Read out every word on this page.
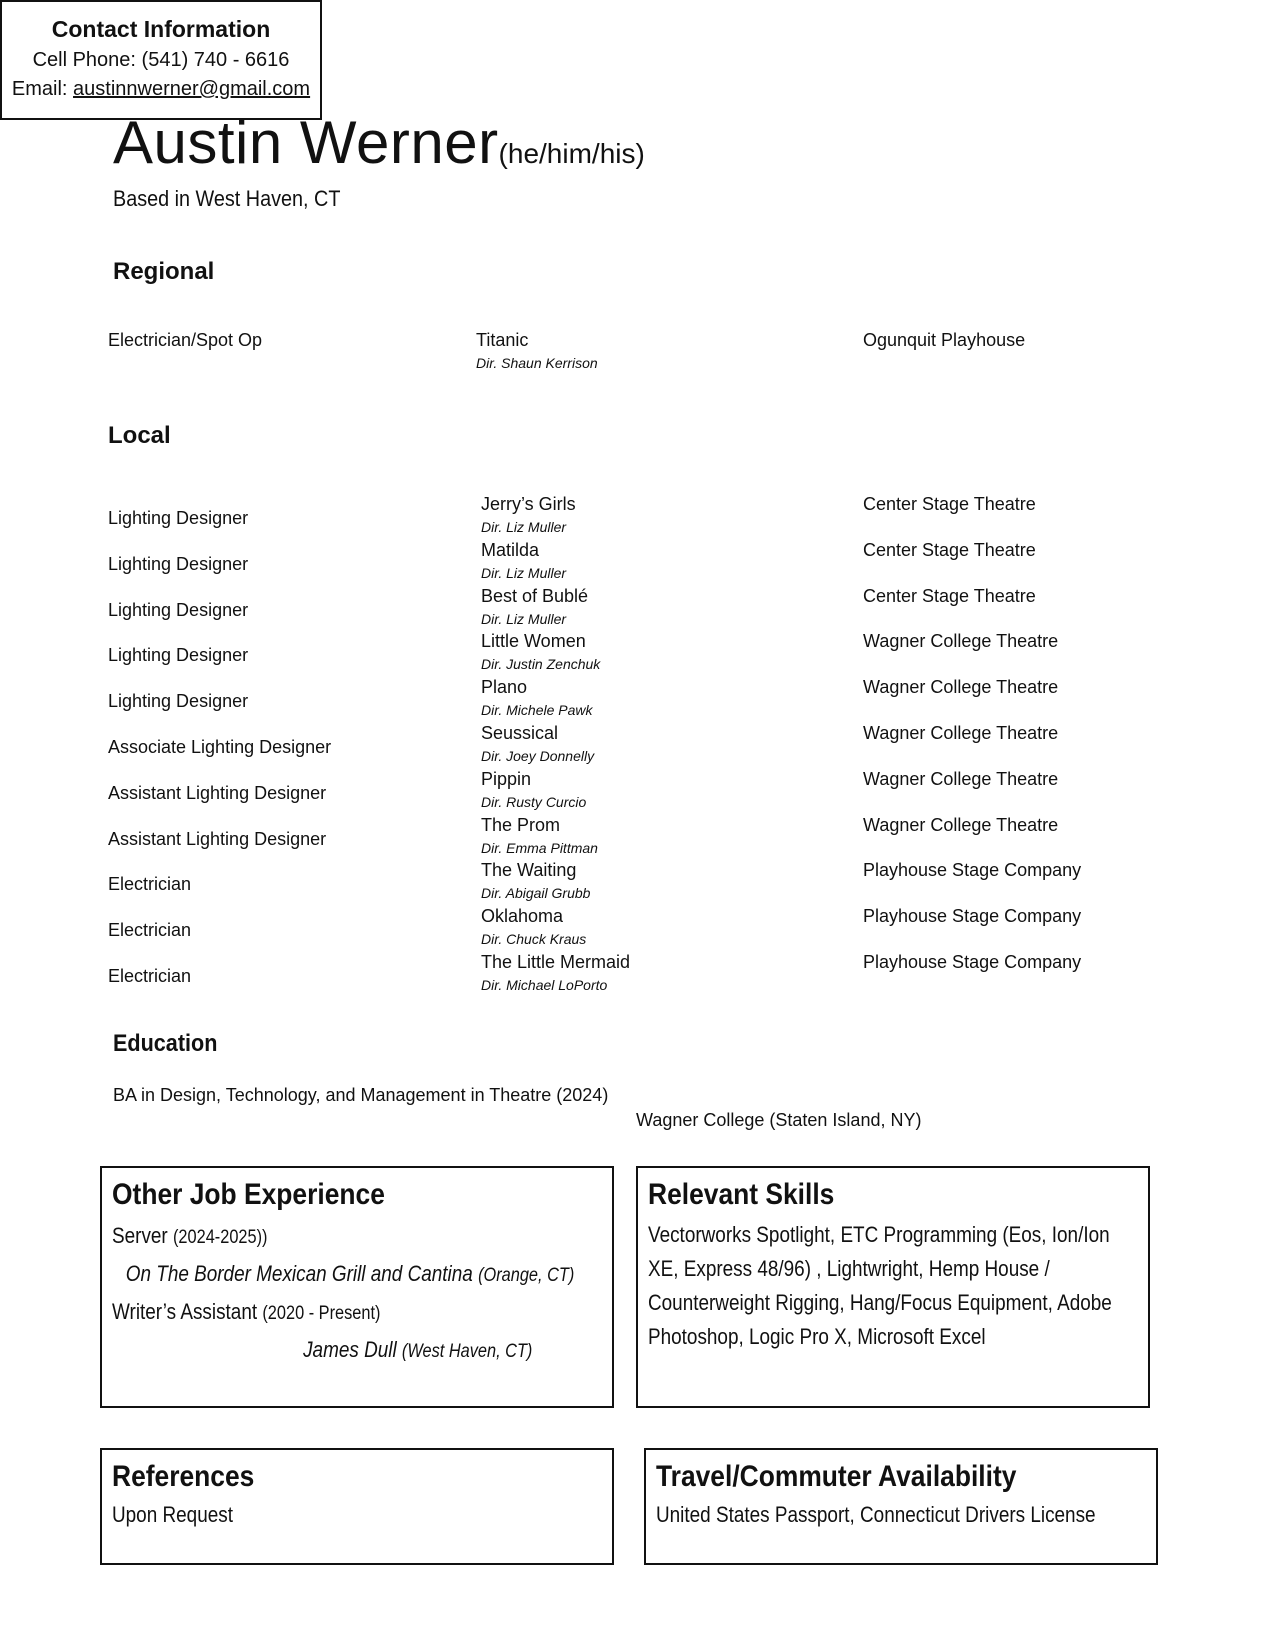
Austin Werner(he/him/his)
Based in West Haven, CT
Contact Information
Cell Phone: (541) 740 - 6616
Email: austinnwerner@gmail.com
Regional
Electrician/Spot Op	Titanic
Dir. Shaun Kerrison
Ogunquit Playhouse
Local
Lighting Designer
Jerry’s Girls
Dir. Liz Muller
Center Stage Theatre
Lighting Designer
Matilda
Dir. Liz Muller
Center Stage Theatre
Lighting Designer
Best of Bublé
Dir. Liz Muller
Center Stage Theatre
Lighting Designer
Little Women
Dir. Justin Zenchuk
Wagner College Theatre
Lighting Designer
Plano
Dir. Michele Pawk
Wagner College Theatre
Associate Lighting Designer
Seussical
Dir. Joey Donnelly
Wagner College Theatre
Assistant Lighting Designer
Pippin
Dir. Rusty Curcio
Wagner College Theatre
Assistant Lighting Designer
The Prom
Dir. Emma Pittman
Wagner College Theatre
Electrician
The Waiting
Dir. Abigail Grubb
Playhouse Stage Company
Electrician
Oklahoma
Dir. Chuck Kraus
Playhouse Stage Company
Electrician
The Little Mermaid
Dir. Michael LoPorto
Playhouse Stage Company
Education
BA in Design, Technology, and Management in Theatre (2024)
Wagner College (Staten Island, NY)
Other Job Experience
Server (2024-2025))
On The Border Mexican Grill and Cantina (Orange, CT)
Writer’s Assistant (2020 - Present)
James Dull (West Haven, CT)
Relevant Skills
Vectorworks Spotlight, ETC Programming (Eos, Ion/Ion XE, Express 48/96) , Lightwright, Hemp House / Counterweight Rigging, Hang/Focus Equipment, Adobe Photoshop, Logic Pro X, Microsoft Excel
References
Upon Request
Travel/Commuter Availability
United States Passport, Connecticut Drivers License
